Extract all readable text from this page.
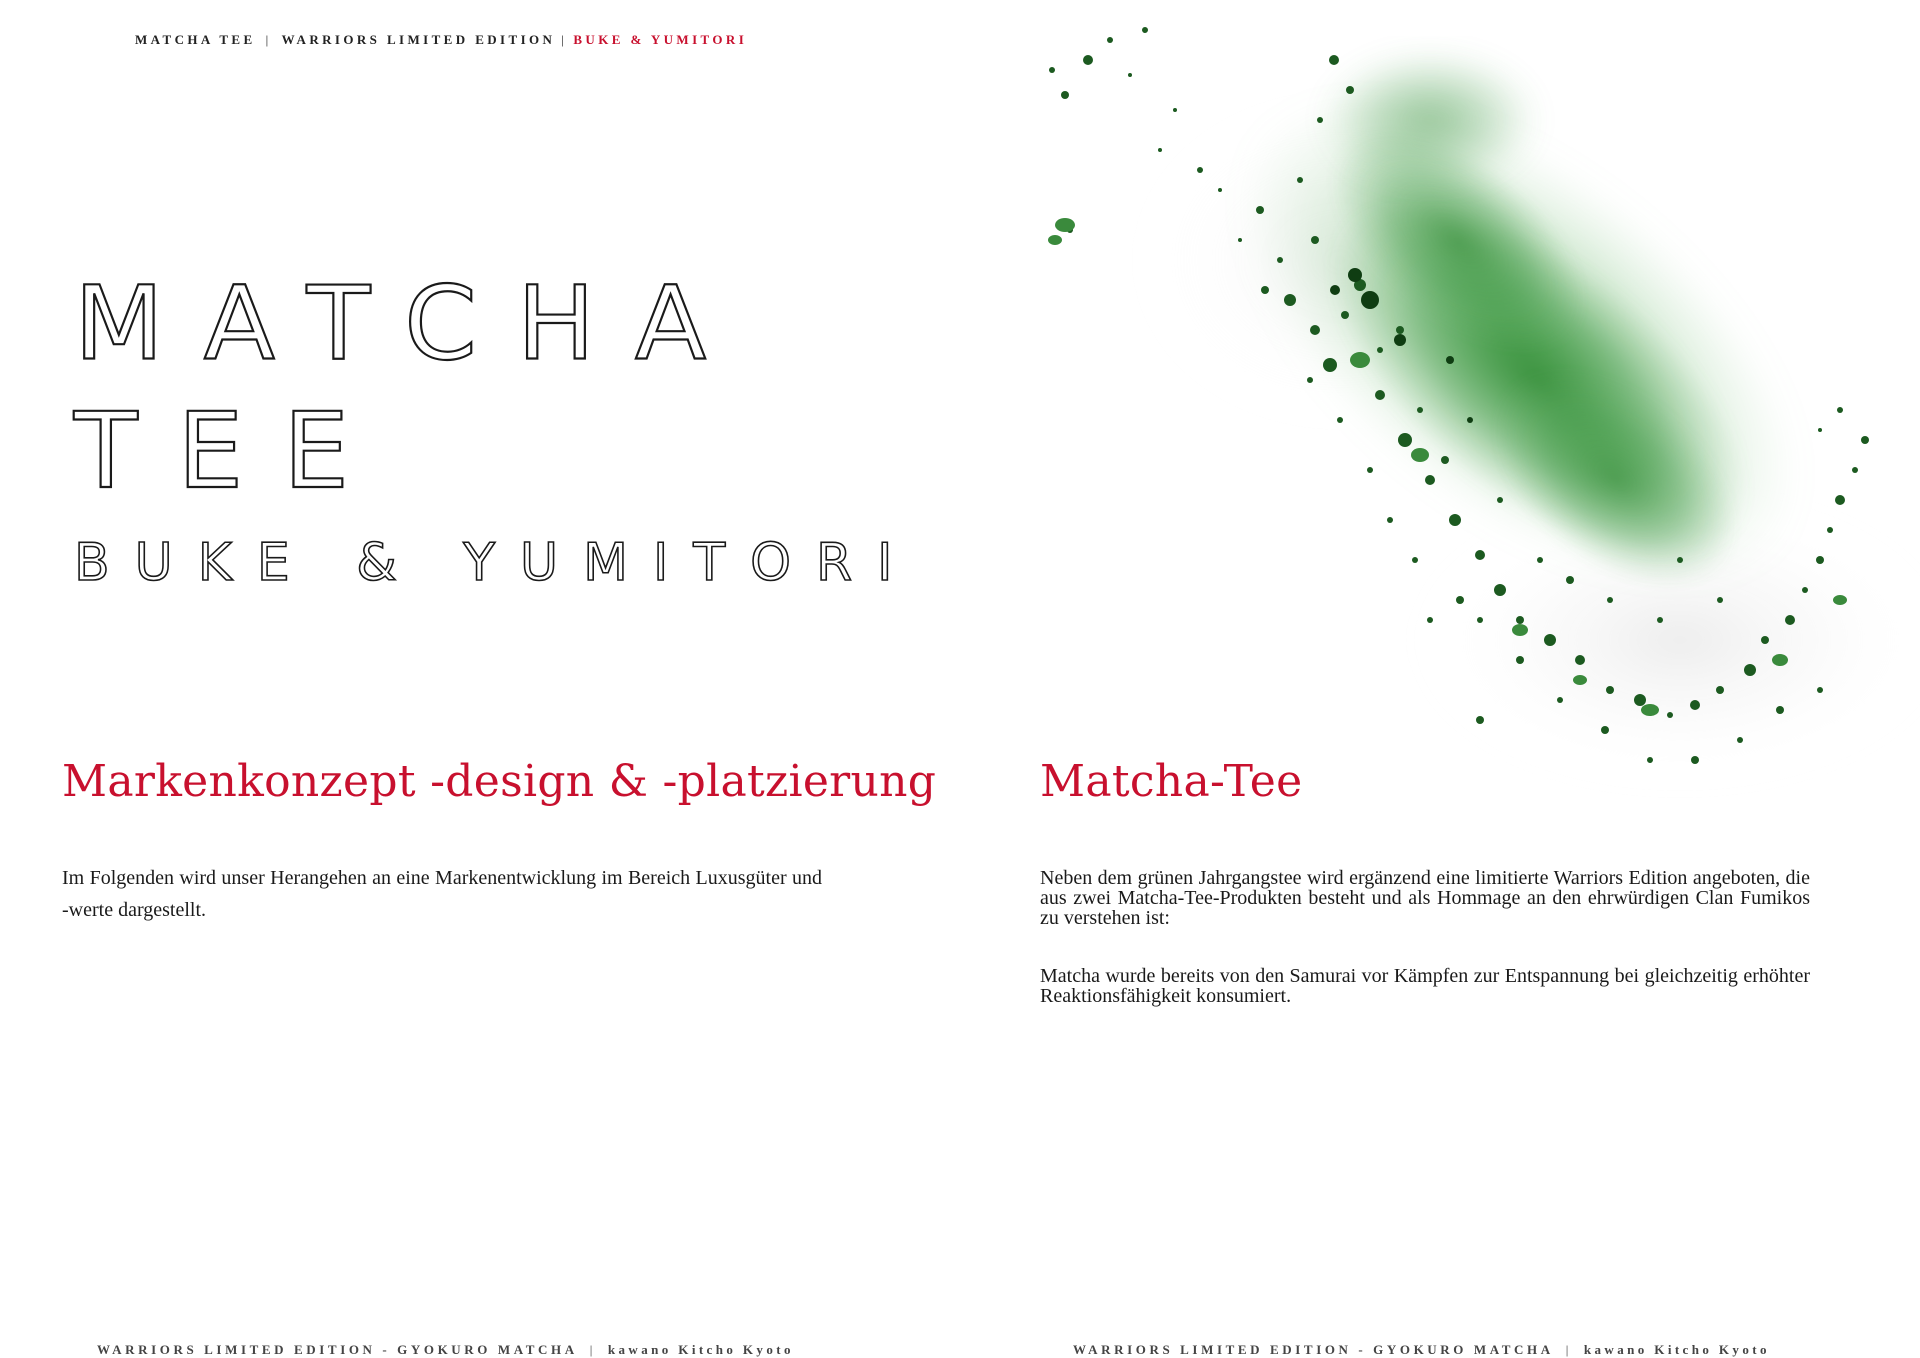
MATCHA TEE | WARRIORS LIMITED EDITION | BUKE & YUMITORI
MATCHA
TEE
BUKE & YUMITORI
Markenkonzept -design & -platzierung
Im Folgenden wird unser Herangehen an eine Markenentwicklung im Bereich Luxusgüter und -werte dargestellt.
WARRIORS LIMITED EDITION - GYOKURO MATCHA | kawano Kitcho Kyoto
Matcha-Tee
Neben dem grünen Jahrgangstee wird ergänzend eine limitierte Warriors Edition angeboten, die aus zwei Matcha-Tee-Produkten besteht und als Hommage an den ehrwürdigen Clan Fumikos zu verstehen ist:
Matcha wurde bereits von den Samurai vor Kämpfen zur Entspannung bei gleichzeitig erhöhter Reaktionsfähigkeit konsumiert.
WARRIORS LIMITED EDITION - GYOKURO MATCHA | kawano Kitcho Kyoto
